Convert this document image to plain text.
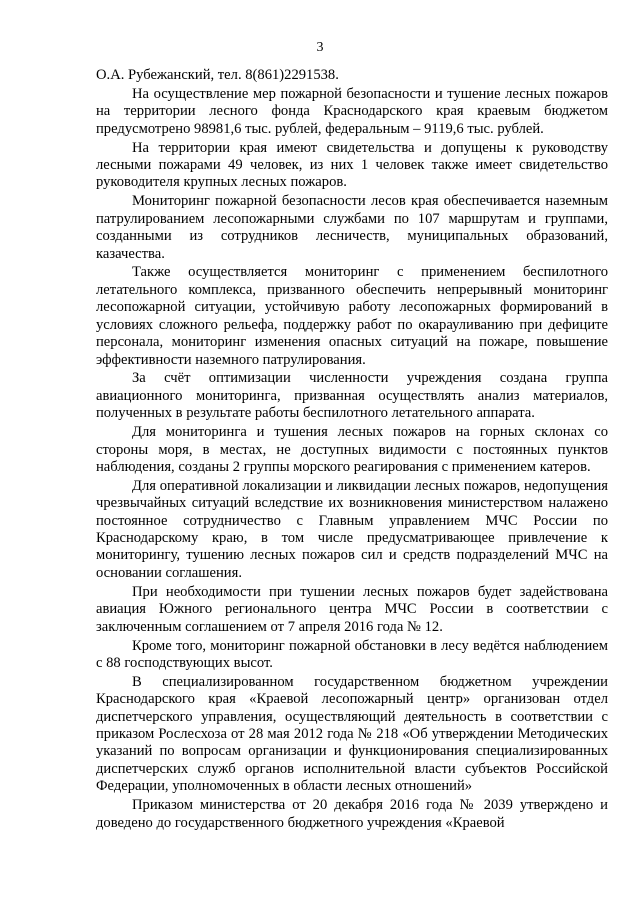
3

О.А. Рубежанский, тел. 8(861)2291538.

На осуществление мер пожарной безопасности и тушение лесных пожаров на территории лесного фонда Краснодарского края краевым бюджетом предусмотрено 98981,6 тыс. рублей, федеральным – 9119,6 тыс. рублей.

На территории края имеют свидетельства и допущены к руководству лесными пожарами 49 человек, из них 1 человек также имеет свидетельство руководителя крупных лесных пожаров.

Мониторинг пожарной безопасности лесов края обеспечивается наземным патрулированием лесопожарными службами по 107 маршрутам и группами, созданными из сотрудников лесничеств, муниципальных образований, казачества.

Также осуществляется мониторинг с применением беспилотного летательного комплекса, призванного обеспечить непрерывный мониторинг лесопожарной ситуации, устойчивую работу лесопожарных формирований в условиях сложного рельефа, поддержку работ по окарауливанию при дефиците персонала, мониторинг изменения опасных ситуаций на пожаре, повышение эффективности наземного патрулирования.

За счёт оптимизации численности учреждения создана группа авиационного мониторинга, призванная осуществлять анализ материалов, полученных в результате работы беспилотного летательного аппарата.

Для мониторинга и тушения лесных пожаров на горных склонах со стороны моря, в местах, не доступных видимости с постоянных пунктов наблюдения, созданы 2 группы морского реагирования с применением катеров.

Для оперативной локализации и ликвидации лесных пожаров, недопущения чрезвычайных ситуаций вследствие их возникновения министерством налажено постоянное сотрудничество с Главным управлением МЧС России по Краснодарскому краю, в том числе предусматривающее привлечение к мониторингу, тушению лесных пожаров сил и средств подразделений МЧС на основании соглашения.

При необходимости при тушении лесных пожаров будет задействована авиация Южного регионального центра МЧС России в соответствии с заключенным соглашением от 7 апреля 2016 года № 12.

Кроме того, мониторинг пожарной обстановки в лесу ведётся наблюдением с 88 господствующих высот.

В специализированном государственном бюджетном учреждении Краснодарского края «Краевой лесопожарный центр» организован отдел диспетчерского управления, осуществляющий деятельность в соответствии с приказом Рослесхоза от 28 мая 2012 года № 218 «Об утверждении Методических указаний по вопросам организации и функционирования специализированных диспетчерских служб органов исполнительной власти субъектов Российской Федерации, уполномоченных в области лесных отношений»

Приказом министерства от 20 декабря 2016 года № 2039 утверждено и доведено до государственного бюджетного учреждения «Краевой
